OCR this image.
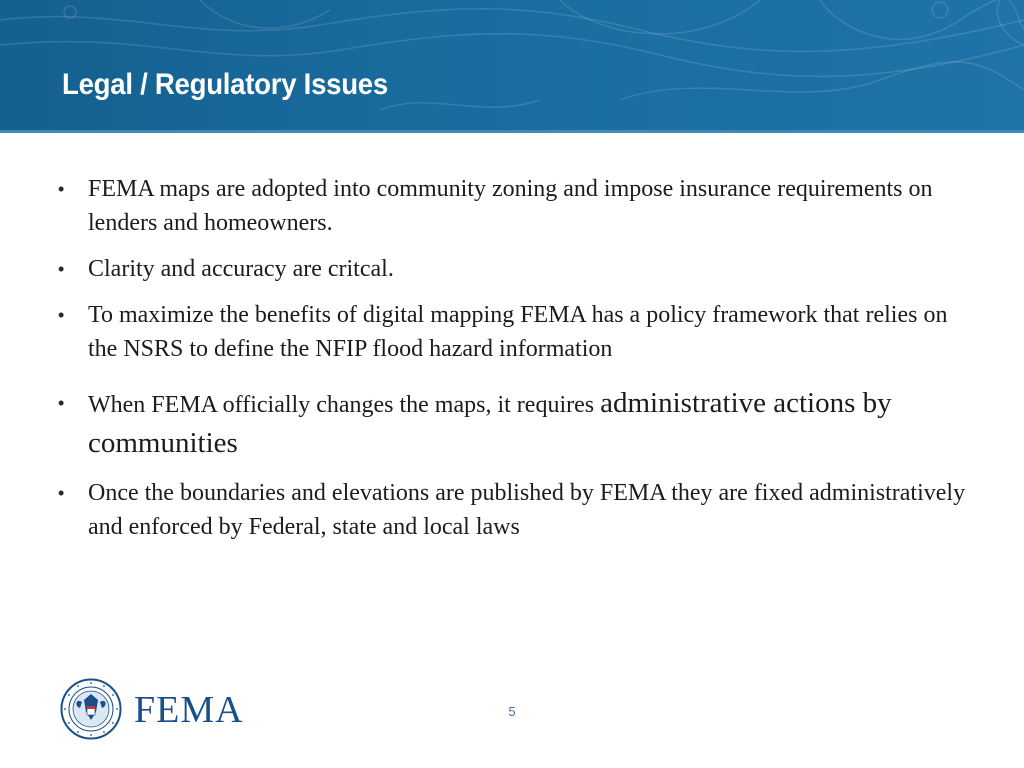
Legal / Regulatory Issues
• FEMA maps are adopted into community zoning and impose insurance requirements on lenders and homeowners.
• Clarity and accuracy are critcal.
• To maximize the benefits of digital mapping FEMA has a policy framework that relies on the NSRS to define the NFIP flood hazard information
• When FEMA officially changes the maps, it requires administrative actions by communities
• Once the boundaries and elevations are published by FEMA they are fixed administratively and enforced by Federal, state and local laws

FEMA	5
